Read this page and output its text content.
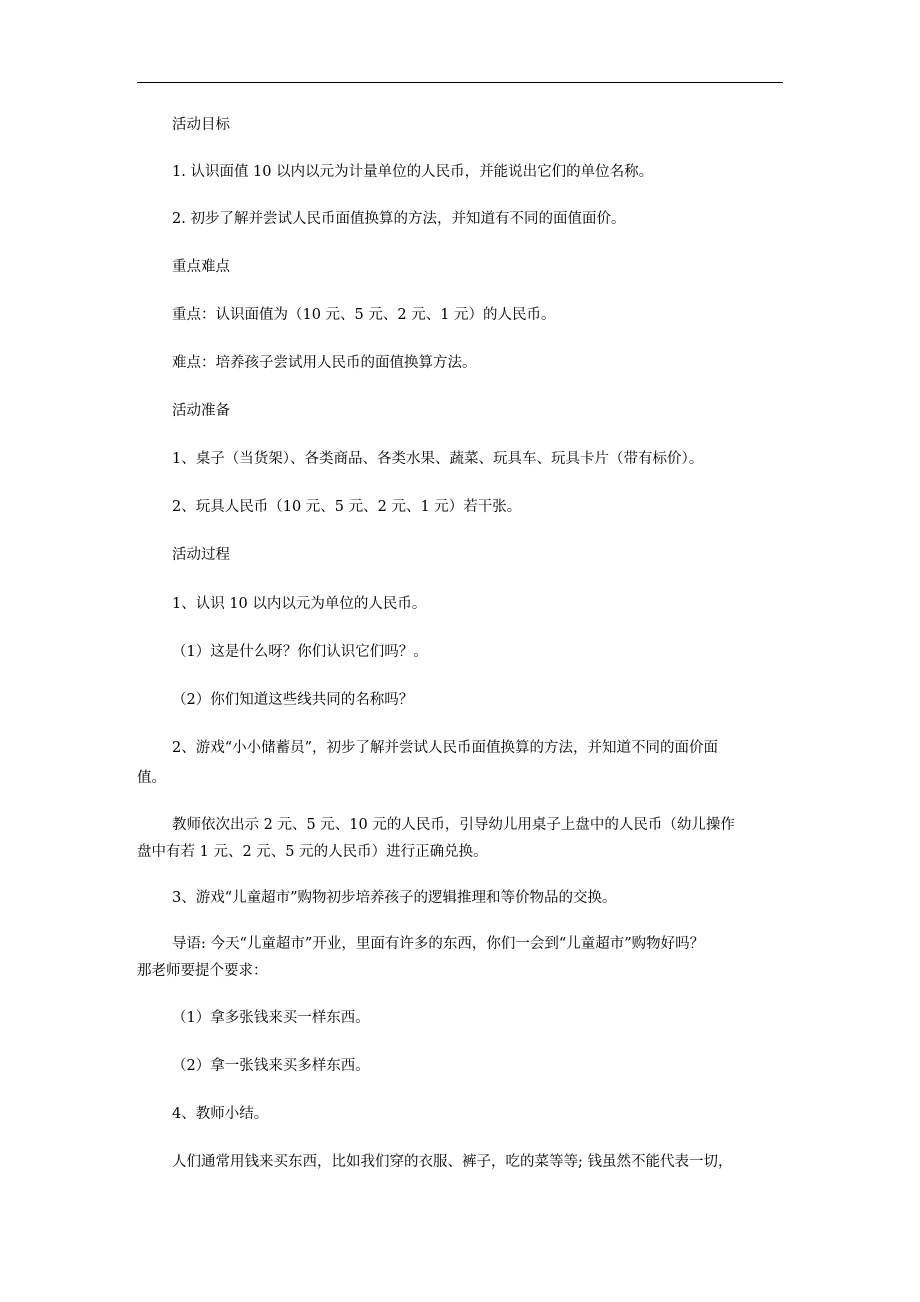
活动目标

1. 认识面值 10 以内以元为计量单位的人民币，并能说出它们的单位名称。

2. 初步了解并尝试人民币面值换算的方法，并知道有不同的面值面价。

重点难点

重点：认识面值为（10 元、5 元、2 元、1 元）的人民币。

难点：培养孩子尝试用人民币的面值换算方法。

活动准备

1、桌子（当货架）、各类商品、各类水果、蔬菜、玩具车、玩具卡片（带有标价）。

2、玩具人民币（10 元、5 元、2 元、1 元）若干张。

活动过程

1、认识 10 以内以元为单位的人民币。

（1）这是什么呀？你们认识它们吗？。

（2）你们知道这些线共同的名称吗？

2、游戏“小小储蓄员”，初步了解并尝试人民币面值换算的方法，并知道不同的面价面

值。

教师依次出示 2 元、5 元、10 元的人民币，引导幼儿用桌子上盘中的人民币（幼儿操作

盘中有若 1 元、2 元、5 元的人民币）进行正确兑换。

3、游戏“儿童超市”购物初步培养孩子的逻辑推理和等价物品的交换。

导语: 今天“儿童超市”开业，里面有许多的东西，你们一会到“儿童超市”购物好吗？

那老师要提个要求：

（1）拿多张钱来买一样东西。

（2）拿一张钱来买多样东西。

4、教师小结。

人们通常用钱来买东西，比如我们穿的衣服、裤子，吃的菜等等; 钱虽然不能代表一切，
